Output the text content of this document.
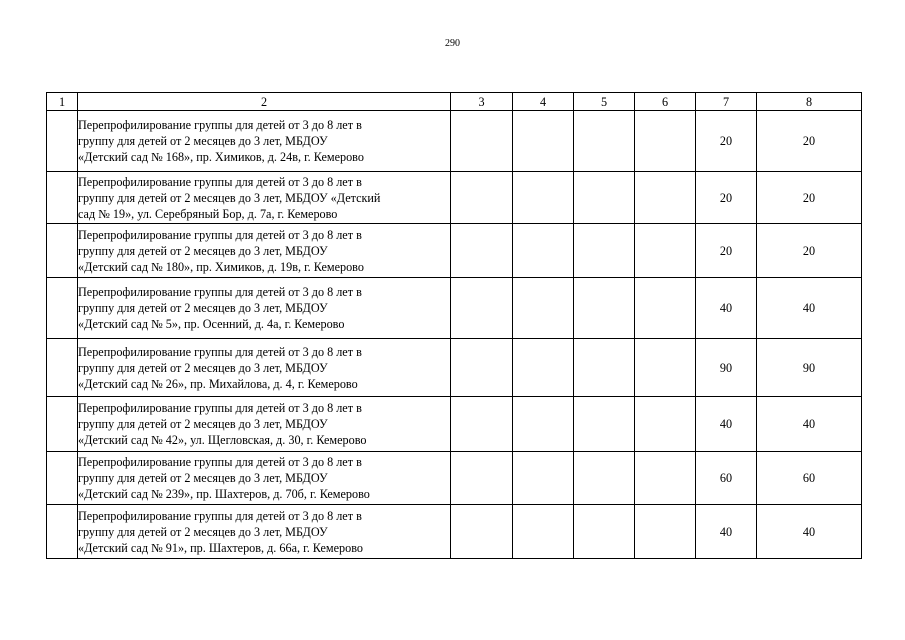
290
1	2	3	4	5	6	7	8

	Перепрофилирование группы для детей от 3 до 8 лет в
группу для детей от 2 месяцев до 3 лет, МБДОУ
«Детский сад № 168», пр. Химиков, д. 24в, г. Кемерово					20	20

	Перепрофилирование группы для детей от 3 до 8 лет в
группу для детей от 2 месяцев до 3 лет, МБДОУ «Детский
сад № 19», ул. Серебряный Бор, д. 7а, г. Кемерово					20	20

	Перепрофилирование группы для детей от 3 до 8 лет в
группу для детей от 2 месяцев до 3 лет, МБДОУ
«Детский сад № 180», пр. Химиков, д. 19в, г. Кемерово					20	20

	Перепрофилирование группы для детей от 3 до 8 лет в
группу для детей от 2 месяцев до 3 лет, МБДОУ
«Детский сад № 5», пр. Осенний, д. 4а, г. Кемерово					40	40

	Перепрофилирование группы для детей от 3 до 8 лет в
группу для детей от 2 месяцев до 3 лет, МБДОУ
«Детский сад № 26», пр. Михайлова, д. 4, г. Кемерово					90	90

	Перепрофилирование группы для детей от 3 до 8 лет в
группу для детей от 2 месяцев до 3 лет, МБДОУ
«Детский сад № 42», ул. Щегловская, д. 30, г. Кемерово					40	40

	Перепрофилирование группы для детей от 3 до 8 лет в
группу для детей от 2 месяцев до 3 лет, МБДОУ
«Детский сад № 239», пр. Шахтеров, д. 70б, г. Кемерово					60	60

	Перепрофилирование группы для детей от 3 до 8 лет в
группу для детей от 2 месяцев до 3 лет, МБДОУ
«Детский сад № 91», пр. Шахтеров, д. 66а, г. Кемерово					40	40
